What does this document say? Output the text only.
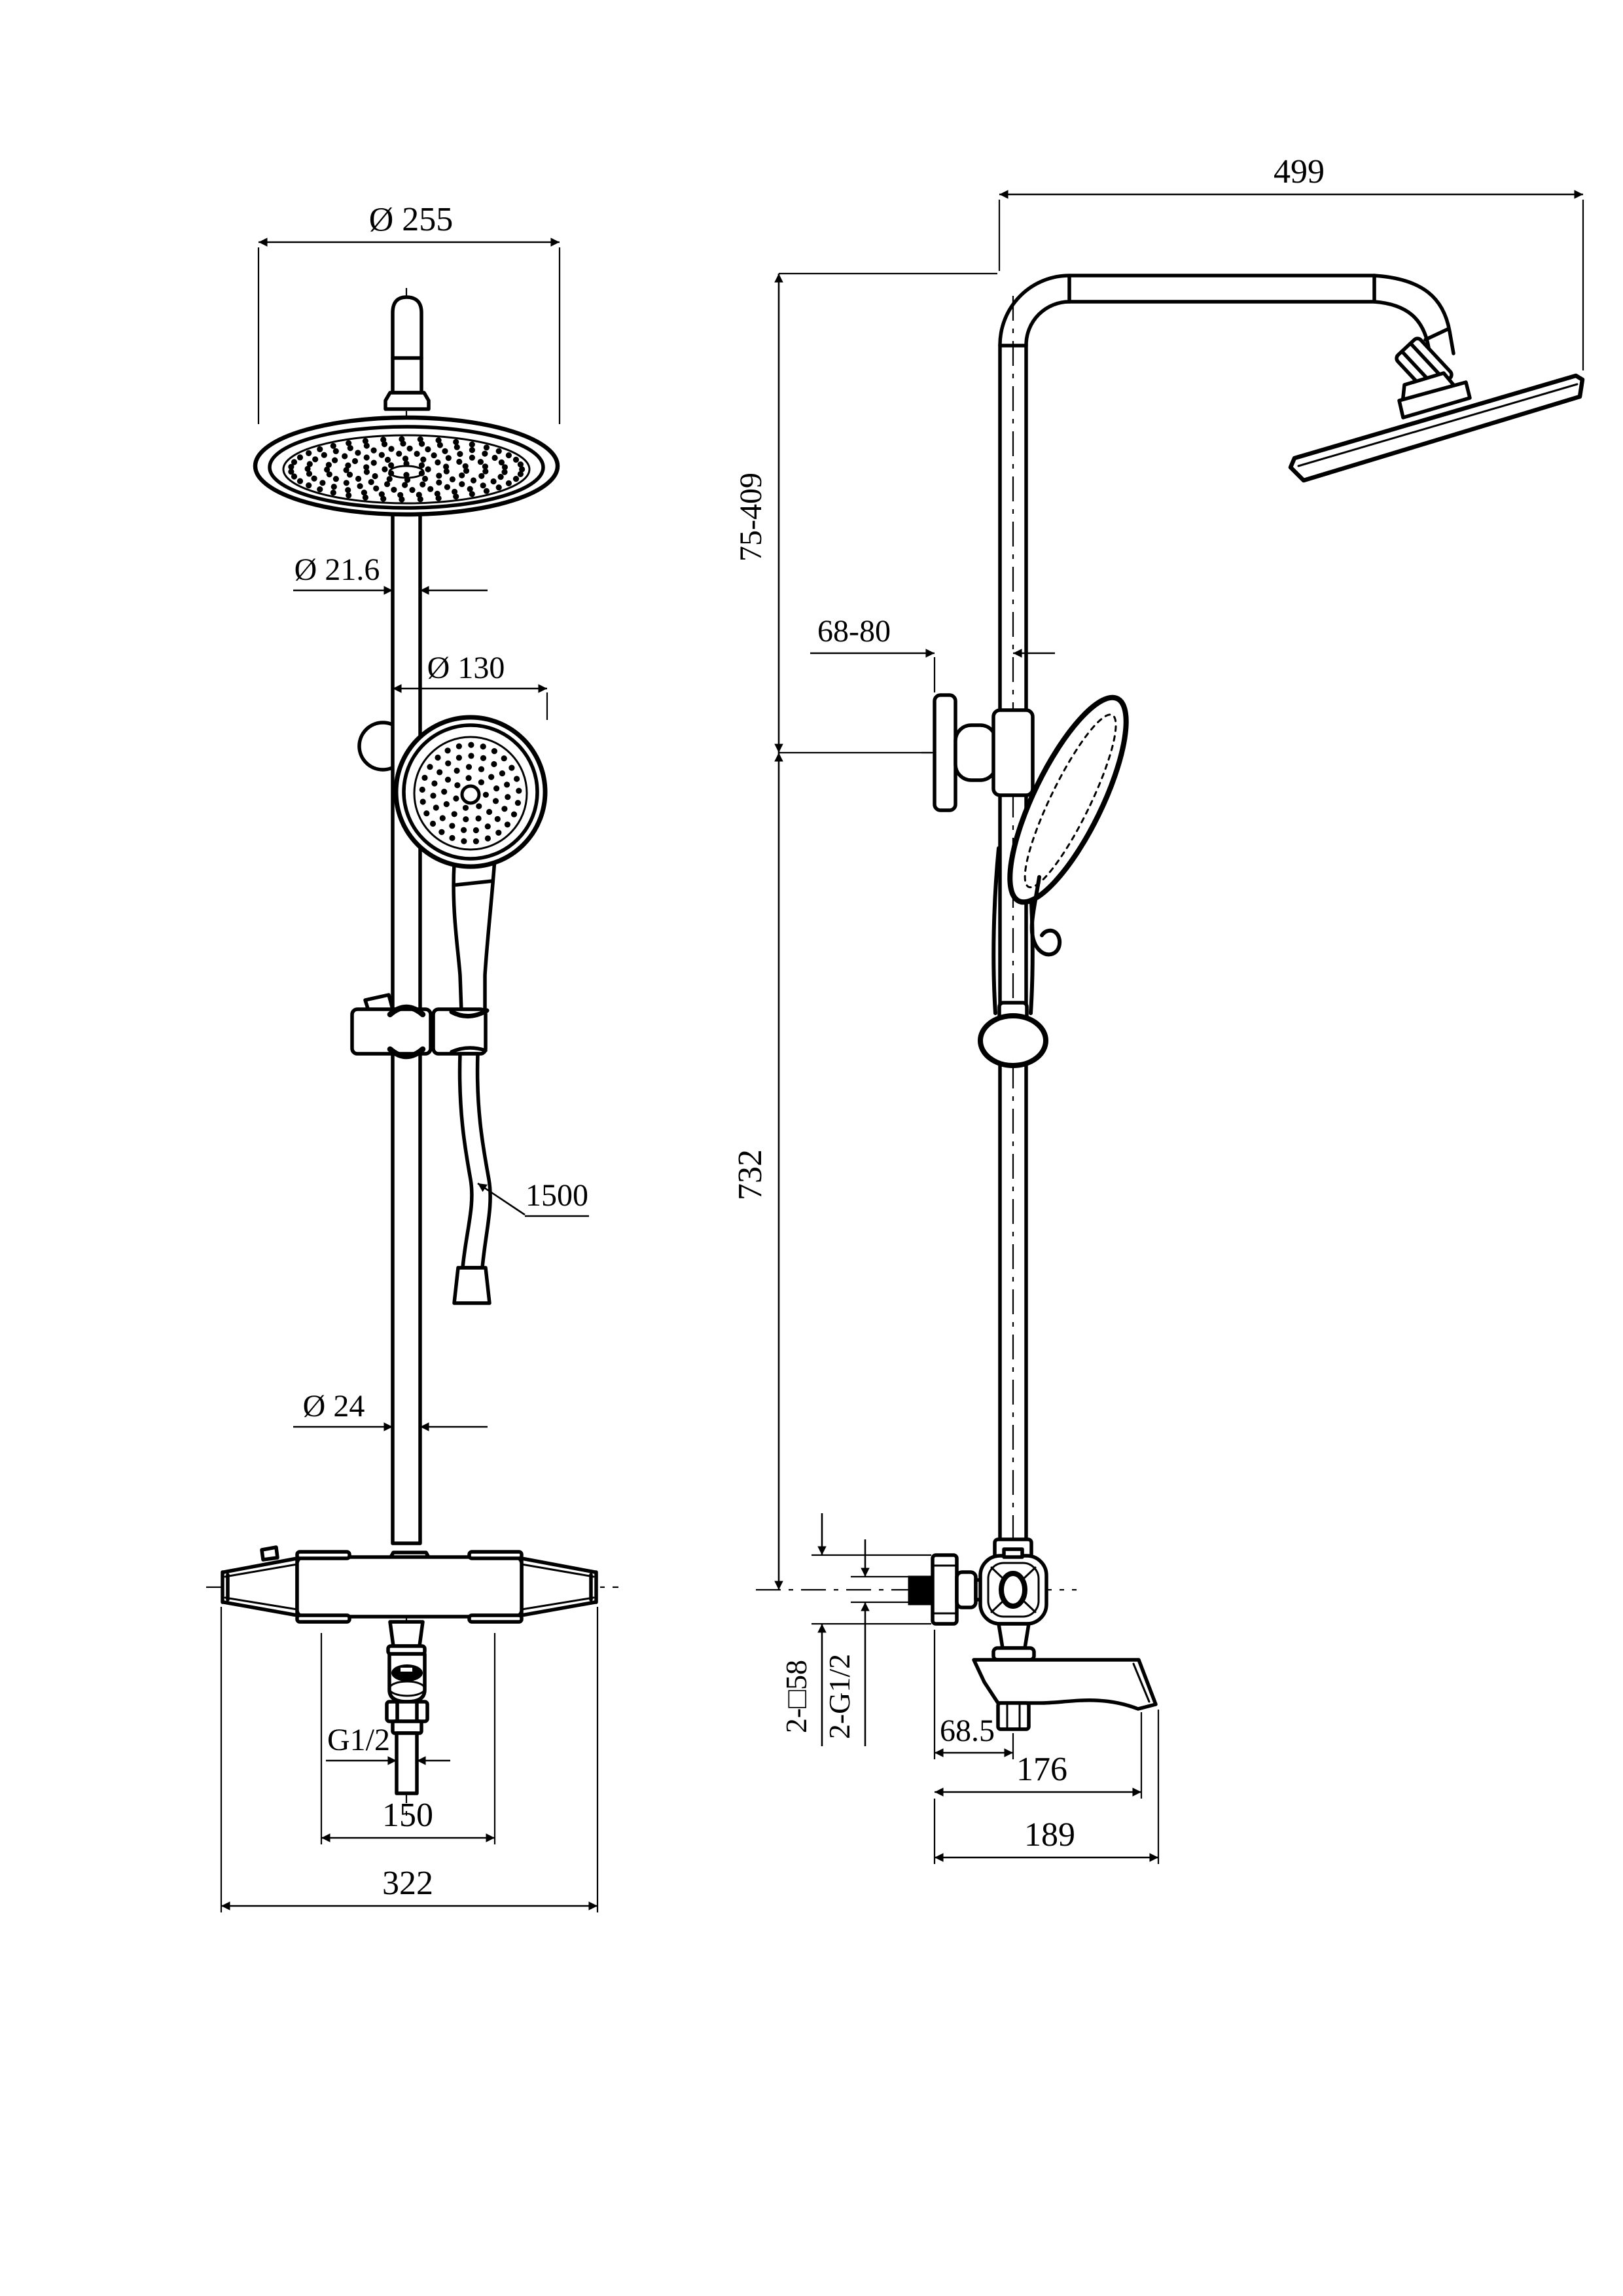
Ø 255
Ø 21.6
Ø 130
1500
Ø 24
G1/2
150
322
499
75-409
732
68-80
2-□58 2-G1/2	68.5
176
189
